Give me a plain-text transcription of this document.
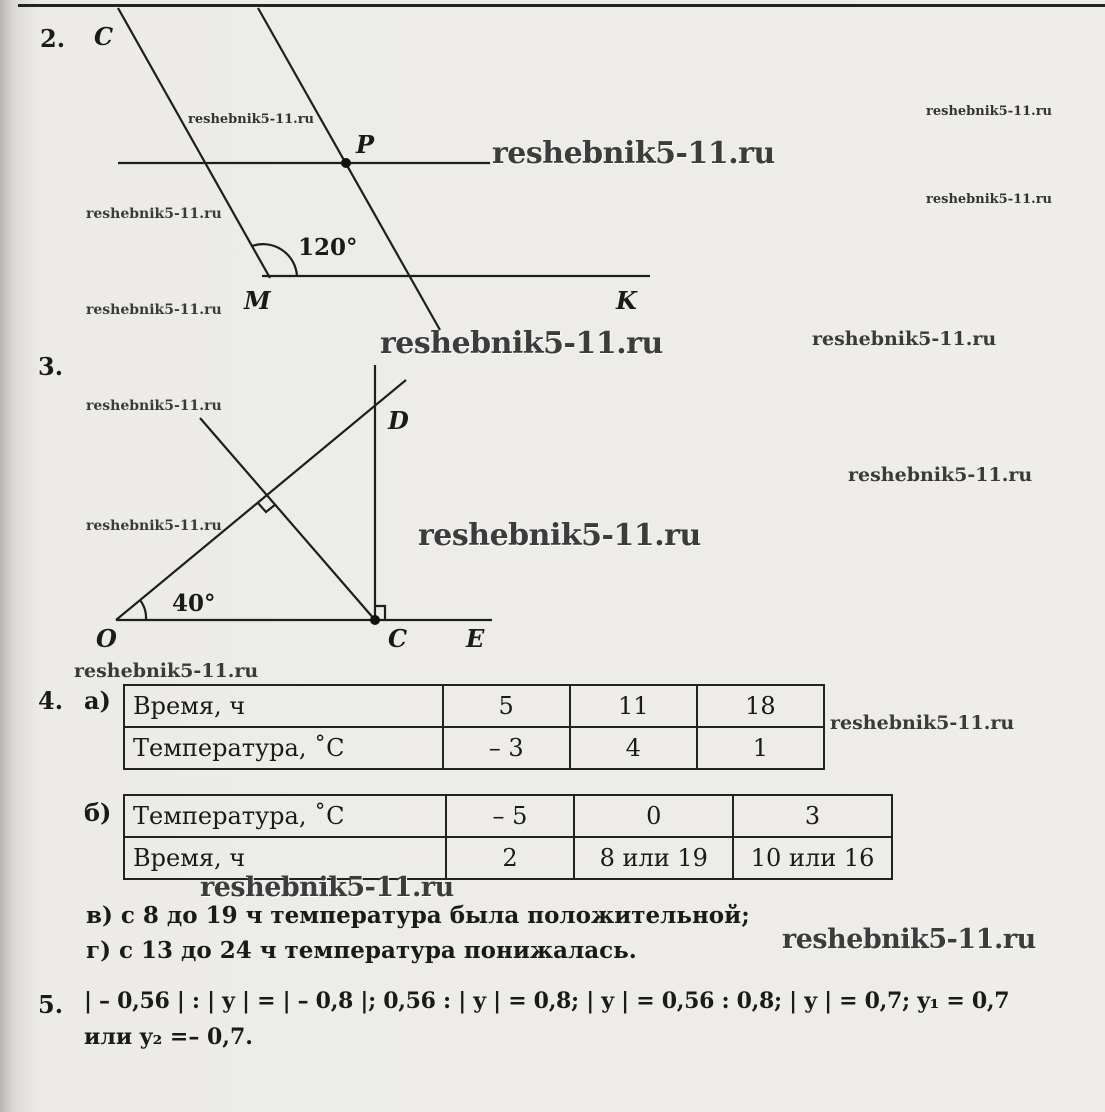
2. C
P
M	K
120°
3.
D
O	C E
40°
4. а) Время, ч	5	11	18
Температура, ˚С	– 3	4	1
б) Температура, ˚С	– 5	0	3
Время, ч	2	8 или 19	10 или 16
в) с 8 до 19 ч температура была положительной;
г) с 13 до 24 ч температура понижалась.
5. | – 0,56 | : | y | = | – 0,8 |; 0,56 : | y | = 0,8; | y | = 0,56 : 0,8; | y | = 0,7; y₁ = 0,7
или y₂ =– 0,7.
reshebnik5-11.ru
reshebnik5-11.ru
reshebnik5-11.ru
reshebnik5-11.ru
reshebnik5-11.ru
reshebnik5-11.ru
reshebnik5-11.ru	reshebnik5-11.ru
reshebnik5-11.ru
reshebnik5-11.ru
reshebnik5-11.ru	reshebnik5-11.ru
reshebnik5-11.ru
reshebnik5-11.ru
reshebnik5-11.ru
reshebnik5-11.ru
